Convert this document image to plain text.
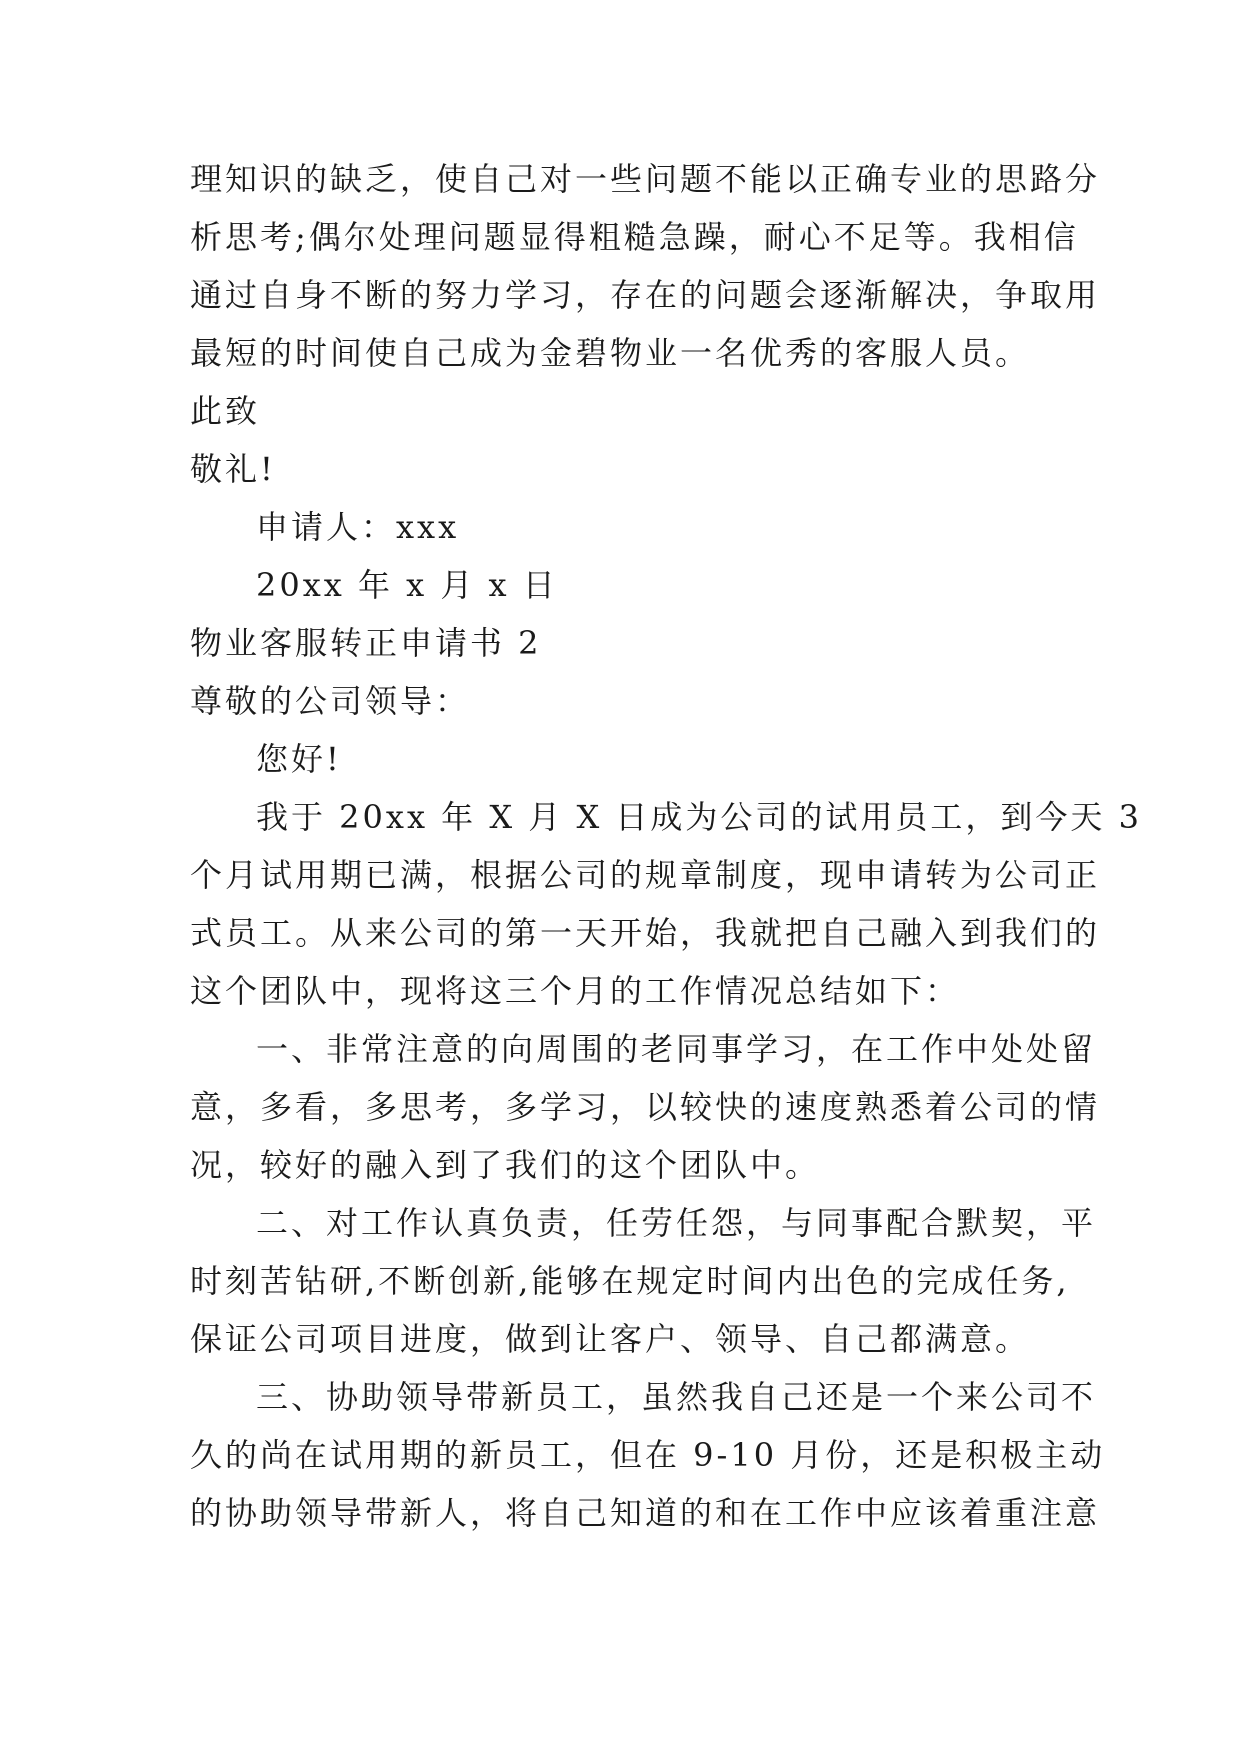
理知识的缺乏，使自己对一些问题不能以正确专业的思路分
析思考;偶尔处理问题显得粗糙急躁，耐心不足等。我相信
通过自身不断的努力学习，存在的问题会逐渐解决，争取用
最短的时间使自己成为金碧物业一名优秀的客服人员。
此致
敬礼!
申请人：xxx
20xx 年 x 月 x 日
物业客服转正申请书 2
尊敬的公司领导：
您好!
我于 20xx 年 X 月 X 日成为公司的试用员工，到今天 3
个月试用期已满，根据公司的规章制度，现申请转为公司正
式员工。从来公司的第一天开始，我就把自己融入到我们的
这个团队中，现将这三个月的工作情况总结如下：
一、非常注意的向周围的老同事学习，在工作中处处留
意，多看，多思考，多学习，以较快的速度熟悉着公司的情
况，较好的融入到了我们的这个团队中。
二、对工作认真负责，任劳任怨，与同事配合默契，平
时刻苦钻研,不断创新,能够在规定时间内出色的完成任务,
保证公司项目进度，做到让客户、领导、自己都满意。
三、协助领导带新员工，虽然我自己还是一个来公司不
久的尚在试用期的新员工，但在 9-10 月份，还是积极主动
的协助领导带新人，将自己知道的和在工作中应该着重注意
